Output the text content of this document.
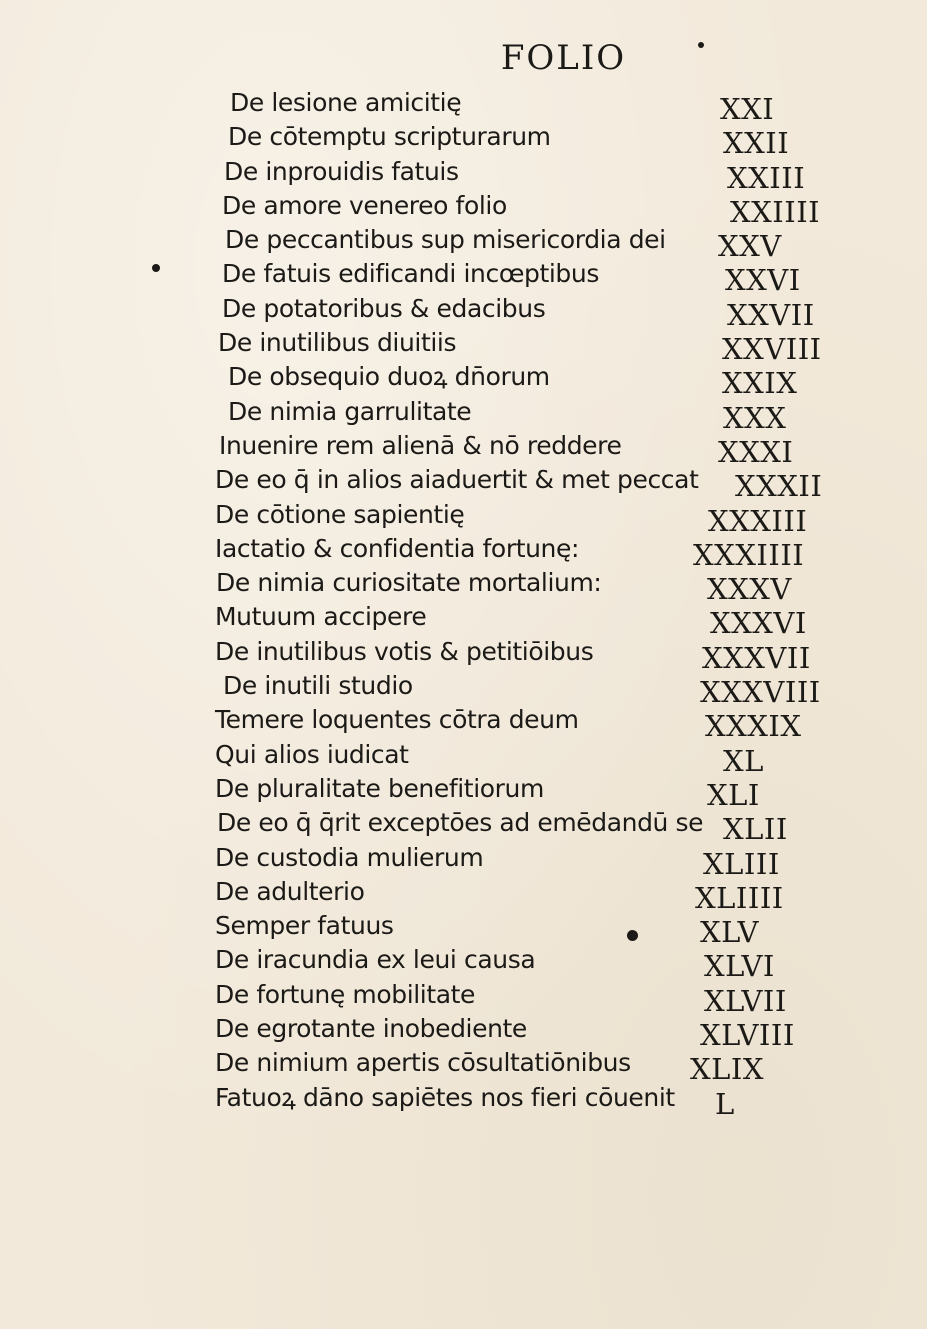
FOLIO
De lesione amicitię	XXI
De cōtemptu scripturarum	XXII
De inprouidis fatuis	XXIII
De amore venereo folio	XXIIII
De peccantibus sup misericordia dei XXV
De fatuis edificandi incœptibus	XXVI
De potatoribus & edacibus	XXVII
De inutilibus diuitiis	XXVIII
De obsequio duoꝝ dn̄orum	XXIX
De nimia garrulitate	XXX
Inuenire rem alienā & nō reddere	XXXI
De eo q̄ in alios aiaduertit & met peccat XXXII
De cōtione sapientię	XXXIII
Iactatio & confidentia fortunę:	XXXIIII
De nimia curiositate mortalium:	XXXV
Mutuum accipere	XXXVI
De inutilibus votis & petitiōibus	XXXVII
De inutili studio	XXXVIII
Temere loquentes cōtra deum	XXXIX
Qui alios iudicat	XL
De pluralitate benefitiorum	XLI
De eo q̄ q̄rit exceptōes ad emēdandū se XLII
De custodia mulierum	XLIII
De adulterio	XLIIII
Semper fatuus	XLV
De iracundia ex leui causa	XLVI
De fortunę mobilitate	XLVII
De egrotante inobediente	XLVIII
De nimium apertis cōsultatiōnibus XLIX
Fatuoꝝ dāno sapiētes nos fieri cōuenit L
